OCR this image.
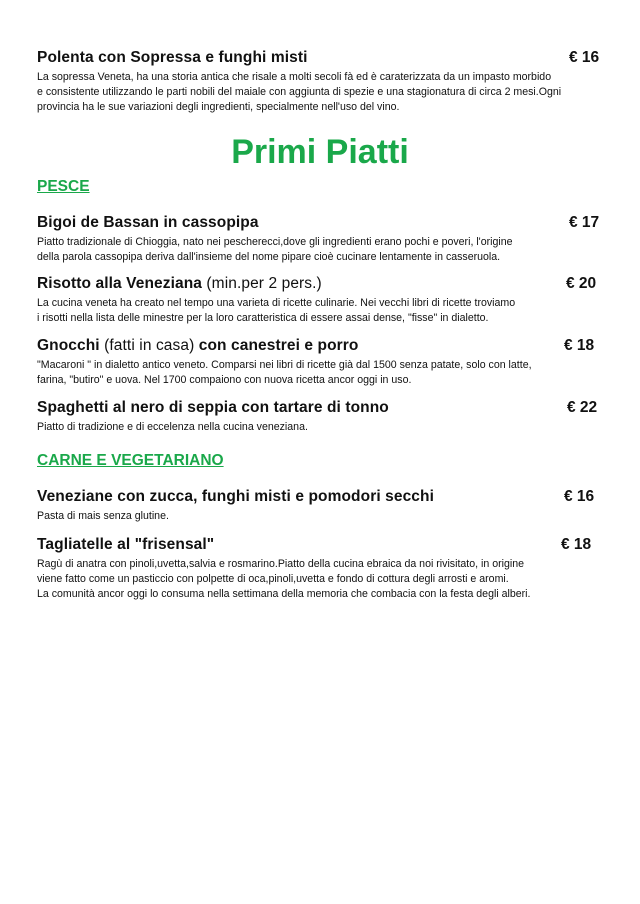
Polenta con Sopressa e funghi misti	€ 16
La sopressa Veneta, ha una storia antica che risale a molti secoli fà ed è caraterizzata da un impasto morbido
e consistente utilizzando le parti nobili del maiale con aggiunta di spezie e una stagionatura di circa 2 mesi.Ogni
provincia ha le sue variazioni degli ingredienti, specialmente nell'uso del vino.
Primi Piatti
PESCE
Bigoi de Bassan in cassopipa	€ 17
Piatto tradizionale di Chioggia, nato nei pescherecci,dove gli ingredienti erano pochi e poveri, l'origine
della parola cassopipa deriva dall'insieme del nome pipare cioè cucinare lentamente in casseruola.
Risotto alla Veneziana (min.per 2 pers.)	€ 20
La cucina veneta ha creato nel tempo una varieta di ricette culinarie. Nei vecchi libri di ricette troviamo
i risotti nella lista delle minestre per la loro caratteristica di essere assai dense, "fisse" in dialetto.
Gnocchi (fatti in casa) con canestrei e porro	€ 18
"Macaroni " in dialetto antico veneto. Comparsi nei libri di ricette già dal 1500 senza patate, solo con latte,
farina, "butiro" e uova. Nel 1700 compaiono con nuova ricetta ancor oggi in uso.
Spaghetti al nero di seppia con tartare di tonno	€ 22
Piatto di tradizione e di eccelenza nella cucina veneziana.
CARNE E VEGETARIANO
Veneziane con zucca, funghi misti e pomodori secchi	€ 16
Pasta di mais senza glutine.
Tagliatelle al "frisensal"	€ 18
Ragù di anatra con pinoli,uvetta,salvia e rosmarino.Piatto della cucina ebraica da noi rivisitato, in origine
viene fatto come un pasticcio con polpette di oca,pinoli,uvetta e fondo di cottura degli arrosti e aromi.
La comunità ancor oggi lo consuma nella settimana della memoria che combacia con la festa degli alberi.
